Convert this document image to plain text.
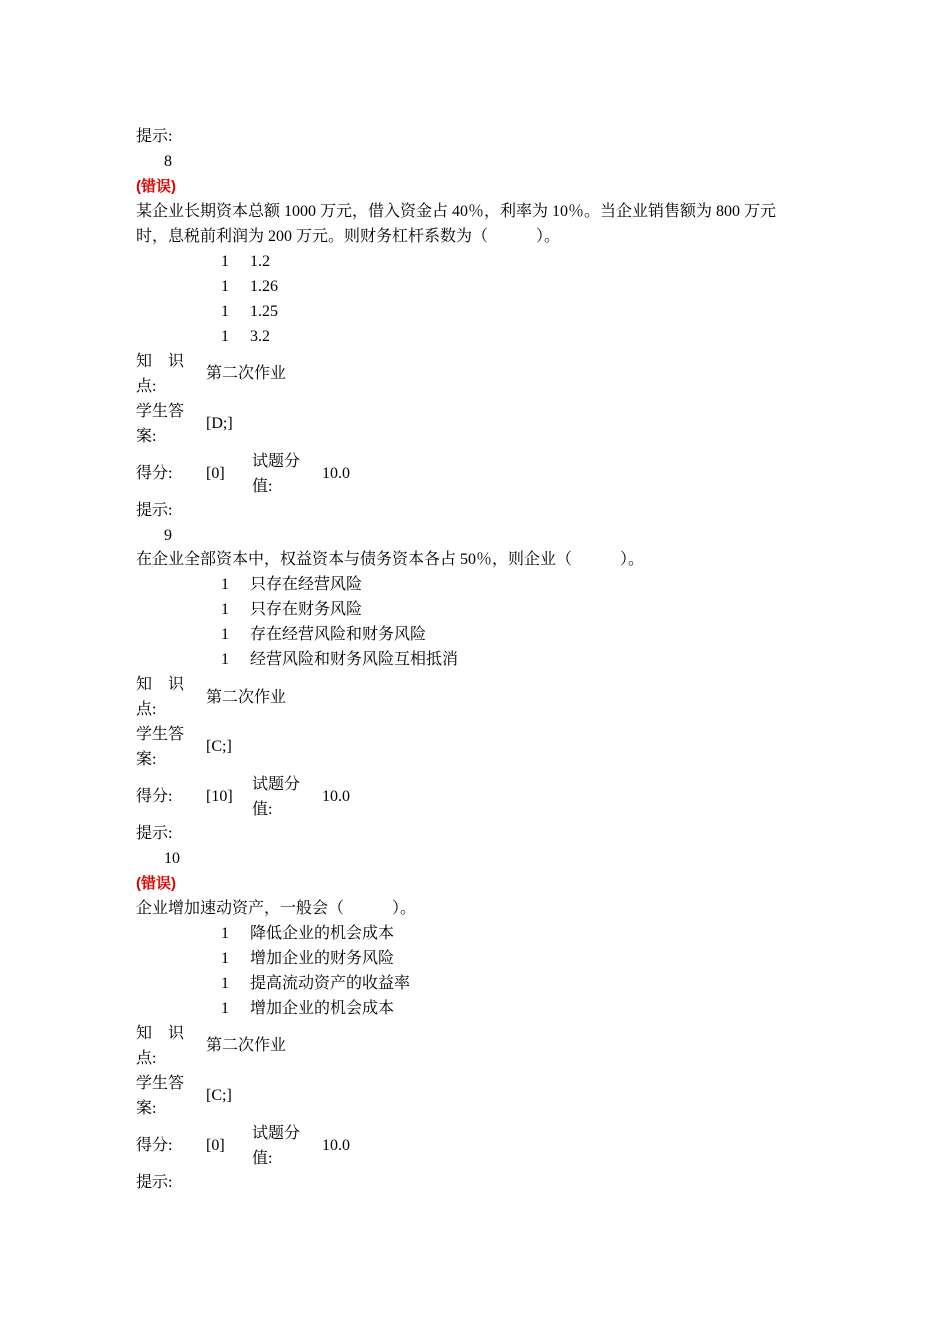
提示:
8
(错误)
某企业长期资本总额 1000 万元，借入资金占 40％，利率为 10％。当企业销售额为 800 万元
时，息税前利润为 200 万元。则财务杠杆系数为（　　　）。
1 1.2
1 1.26
1 1.25
1 3.2
知　识
点:
第二次作业
学生答
案:
[D;]
得分: [0]
试题分
值:
10.0
提示:
9
在企业全部资本中，权益资本与债务资本各占 50％，则企业（　　　）。
1 只存在经营风险
1 只存在财务风险
1 存在经营风险和财务风险
1 经营风险和财务风险互相抵消
知　识
点:
第二次作业
学生答
案:
[C;]
得分: [10]
试题分
值:
10.0
提示:
10
(错误)
企业增加速动资产，一般会（　　　）。
1 降低企业的机会成本
1 增加企业的财务风险
1 提高流动资产的收益率
1 增加企业的机会成本
知　识
点:
第二次作业
学生答
案:
[C;]
得分: [0]
试题分
值:
10.0
提示:
